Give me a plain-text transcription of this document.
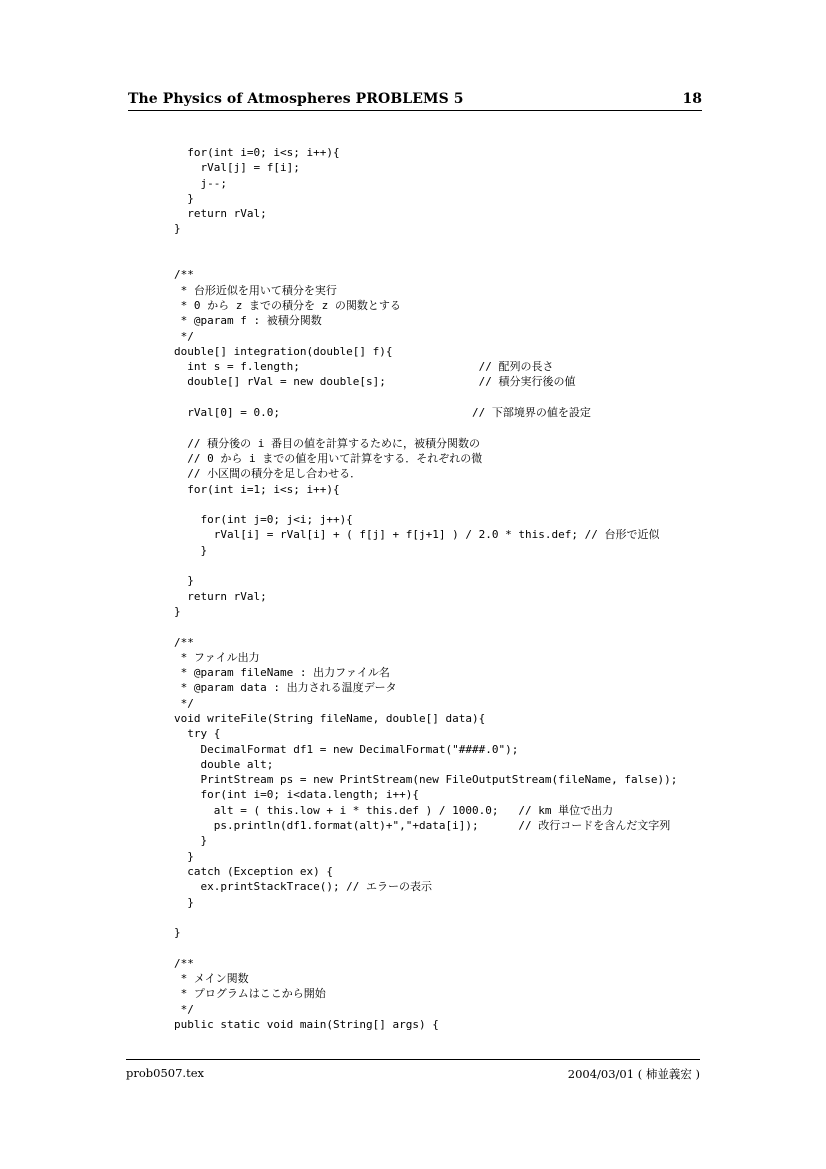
The Physics of Atmospheres PROBLEMS 5	18
for(int i=0; i<s; i++){
rVal[j] = f[i];
j--;
}
return rVal;
}
/**
* 台形近似を用いて積分を実行
* 0 から z までの積分を z の関数とする
* @param f : 被積分関数
*/
double[] integration(double[] f){
int s = f.length;                           // 配列の長さ
double[] rVal = new double[s];              // 積分実行後の値
rVal[0] = 0.0;                             // 下部境界の値を設定
// 積分後の i 番目の値を計算するために，被積分関数の
// 0 から i までの値を用いて計算をする．それぞれの微
// 小区間の積分を足し合わせる．
for(int i=1; i<s; i++){
for(int j=0; j<i; j++){
rVal[i] = rVal[i] + ( f[j] + f[j+1] ) / 2.0 * this.def; // 台形で近似
}
}
return rVal;
}
/**
* ファイル出力
* @param fileName : 出力ファイル名
* @param data : 出力される温度データ
*/
void writeFile(String fileName, double[] data){
try {
DecimalFormat df1 = new DecimalFormat("####.0");
double alt;
PrintStream ps = new PrintStream(new FileOutputStream(fileName, false));
for(int i=0; i<data.length; i++){
alt = ( this.low + i * this.def ) / 1000.0;   // km 単位で出力
ps.println(df1.format(alt)+","+data[i]);      // 改行コードを含んだ文字列
}
}
catch (Exception ex) {
ex.printStackTrace(); // エラーの表示
}
}
/**
* メイン関数
* プログラムはここから開始
*/
public static void main(String[] args) {
prob0507.tex	2004/03/01 ( 柿並義宏 )
